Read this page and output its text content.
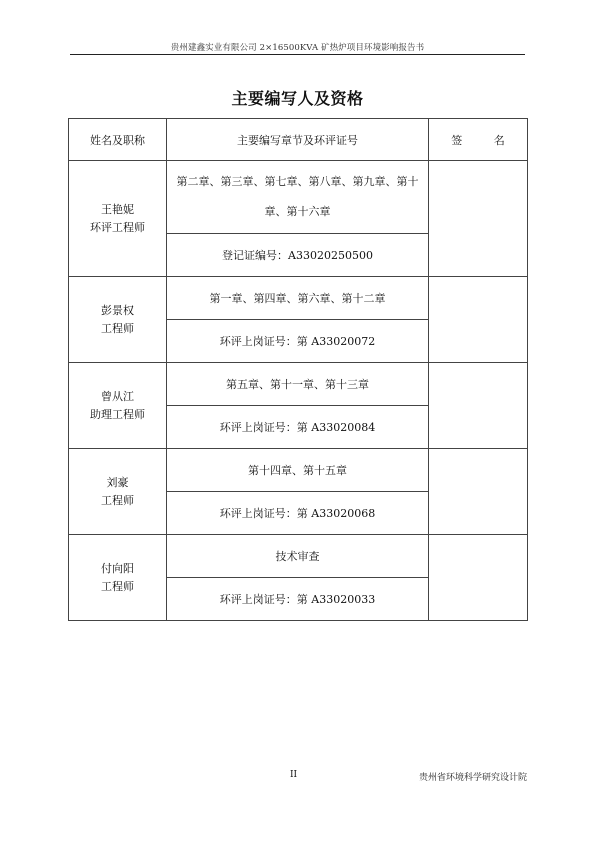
贵州建鑫实业有限公司 2×16500KVA 矿热炉项目环境影响报告书
主要编写人及资格
姓名及职称	主要编写章节及环评证号	签 名

王艳妮
环评工程师	第二章、第三章、第七章、第八章、第九章、第十章、第十六章	
	登记证编号：A33020250500	

彭景权
工程师	第一章、第四章、第六章、第十二章	
	环评上岗证号：第 A33020072	

曾从江
助理工程师	第五章、第十一章、第十三章	
	环评上岗证号：第 A33020084	

刘豪
工程师	第十四章、第十五章	
	环评上岗证号：第 A33020068	

付向阳
工程师	技术审查	
	环评上岗证号：第 A33020033	
II	贵州省环境科学研究设计院
